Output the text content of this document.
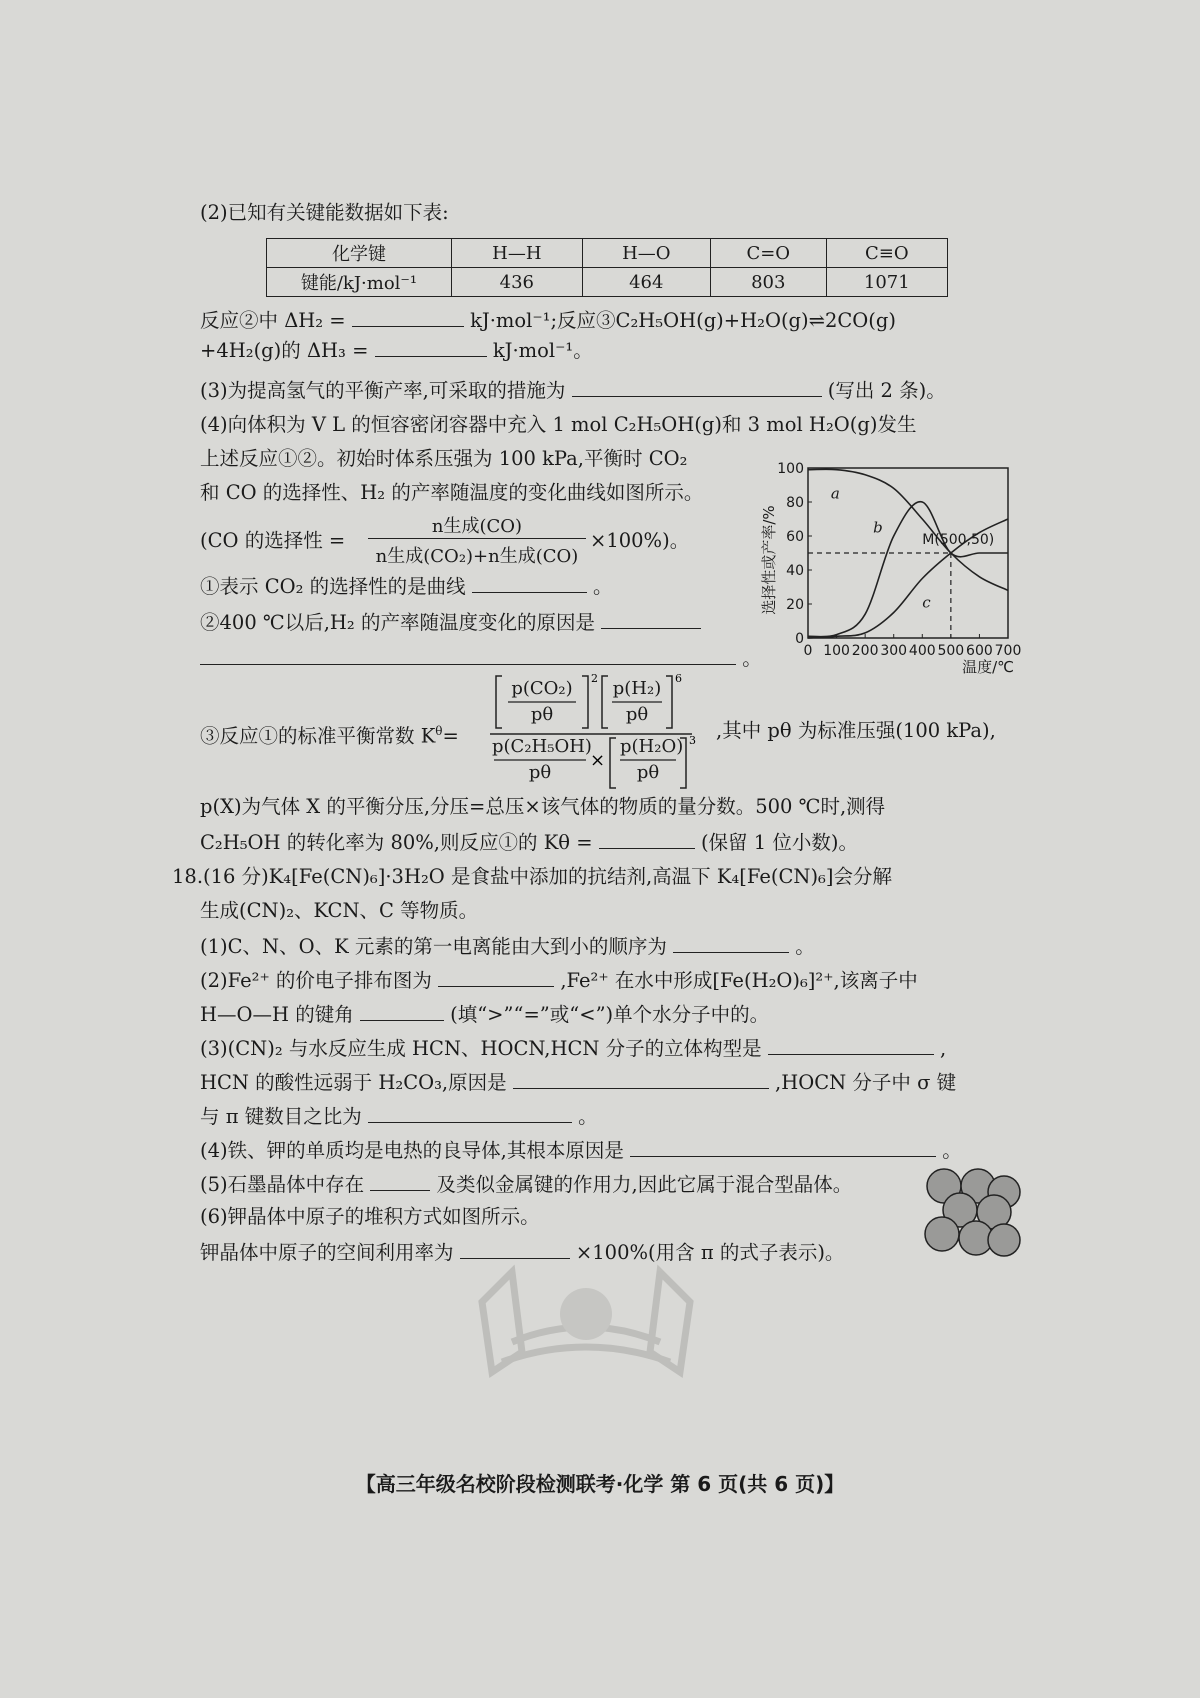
(2)已知有关键能数据如下表:
化学键	H—H	H—O	C=O	C≡O
键能/kJ·mol⁻¹	436	464	803	1071
反应②中 ΔH₂ =	kJ·mol⁻¹;反应③C₂H₅OH(g)+H₂O(g)⇌2CO(g)
+4H₂(g)的 ΔH₃ =	kJ·mol⁻¹。
(3)为提高氢气的平衡产率,可采取的措施为	(写出 2 条)。
(4)向体积为 V L 的恒容密闭容器中充入 1 mol C₂H₅OH(g)和 3 mol H₂O(g)发生
上述反应①②。初始时体系压强为 100 kPa,平衡时 CO₂
和 CO 的选择性、H₂ 的产率随温度的变化曲线如图所示。
(CO 的选择性 =
n生成(CO)
n生成(CO₂)+n生成(CO)
×100%)。
①表示 CO₂ 的选择性的是曲线	。
②400 ℃以后,H₂ 的产率随温度变化的原因是
。
③反应①的标准平衡常数 $K^\theta=$
2	6
×
3
p(CO₂)
pθ
p(H₂)
pθ
p(C₂H₅OH)
pθ
p(H₂O)
pθ
,其中 pθ 为标准压强(100 kPa),
p(X)为气体 X 的平衡分压,分压=总压×该气体的物质的量分数。500 ℃时,测得
C₂H₅OH 的转化率为 80%,则反应①的 Kθ =	(保留 1 位小数)。
0
20
40
60
80
100
0 100 200 300 400 500 600 700
a
b
c
M(500,50)
选择性或产率/%
温度/℃
18.(16 分)K₄[Fe(CN)₆]·3H₂O 是食盐中添加的抗结剂,高温下 K₄[Fe(CN)₆]会分解
生成(CN)₂、KCN、C 等物质。
(1)C、N、O、K 元素的第一电离能由大到小的顺序为	。
(2)Fe²⁺ 的价电子排布图为	,Fe²⁺ 在水中形成[Fe(H₂O)₆]²⁺,该离子中
H—O—H 的键角	(填“>”“=”或“<”)单个水分子中的。
(3)(CN)₂ 与水反应生成 HCN、HOCN,HCN 分子的立体构型是	,
HCN 的酸性远弱于 H₂CO₃,原因是	,HOCN 分子中 σ 键
与 π 键数目之比为	。
(4)铁、钾的单质均是电热的良导体,其根本原因是	。
(5)石墨晶体中存在	及类似金属键的作用力,因此它属于混合型晶体。
(6)钾晶体中原子的堆积方式如图所示。
钾晶体中原子的空间利用率为	×100%(用含 π 的式子表示)。
【高三年级名校阶段检测联考·化学 第 6 页(共 6 页)】
